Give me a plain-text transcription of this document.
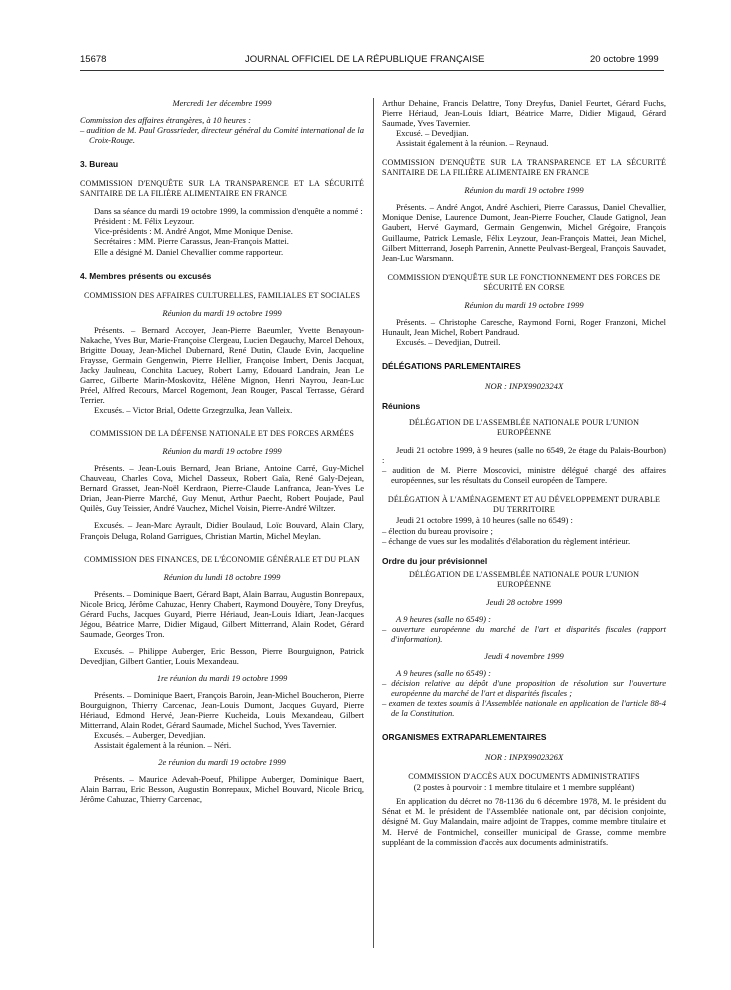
15678	JOURNAL OFFICIEL DE LA RÉPUBLIQUE FRANÇAISE	20 octobre 1999

Mercredi 1er décembre 1999

Commission des affaires étrangères, à 10 heures :

– audition de M. Paul Grossrieder, directeur général du Comité international de la Croix-Rouge.

3. Bureau

COMMISSION D'ENQUÊTE SUR LA TRANSPARENCE ET LA SÉCURITÉ SANITAIRE DE LA FILIÈRE ALIMENTAIRE EN FRANCE

Dans sa séance du mardi 19 octobre 1999, la commission d'enquête a nommé :

Président : M. Félix Leyzour.

Vice-présidents : M. André Angot, Mme Monique Denise.

Secrétaires : MM. Pierre Carassus, Jean-François Mattei.

Elle a désigné M. Daniel Chevallier comme rapporteur.

4. Membres présents ou excusés

COMMISSION DES AFFAIRES CULTURELLES, FAMILIALES ET SOCIALES

Réunion du mardi 19 octobre 1999

Présents. – Bernard Accoyer, Jean-Pierre Baeumler, Yvette Benayoun-Nakache, Yves Bur, Marie-Françoise Clergeau, Lucien Degauchy, Marcel Dehoux, Brigitte Douay, Jean-Michel Dubernard, René Dutin, Claude Evin, Jacqueline Fraysse, Germain Gengenwin, Pierre Hellier, Françoise Imbert, Denis Jacquat, Jacky Jaulneau, Conchita Lacuey, Robert Lamy, Edouard Landrain, Jean Le Garrec, Gilberte Marin-Moskovitz, Hélène Mignon, Henri Nayrou, Jean-Luc Préel, Alfred Recours, Marcel Rogemont, Jean Rouger, Pascal Terrasse, Gérard Terrier.

Excusés. – Victor Brial, Odette Grzegrzulka, Jean Valleix.

COMMISSION DE LA DÉFENSE NATIONALE ET DES FORCES ARMÉES

Réunion du mardi 19 octobre 1999

Présents. – Jean-Louis Bernard, Jean Briane, Antoine Carré, Guy-Michel Chauveau, Charles Cova, Michel Dasseux, Robert Gaïa, René Galy-Dejean, Bernard Grasset, Jean-Noël Kerdraon, Pierre-Claude Lanfranca, Jean-Yves Le Drian, Jean-Pierre Marché, Guy Menut, Arthur Paecht, Robert Poujade, Paul Quilès, Guy Teissier, André Vauchez, Michel Voisin, Pierre-André Wiltzer.

Excusés. – Jean-Marc Ayrault, Didier Boulaud, Loïc Bouvard, Alain Clary, François Deluga, Roland Garrigues, Christian Martin, Michel Meylan.

COMMISSION DES FINANCES, DE L'ÉCONOMIE GÉNÉRALE ET DU PLAN

Réunion du lundi 18 octobre 1999

Présents. – Dominique Baert, Gérard Bapt, Alain Barrau, Augustin Bonrepaux, Nicole Bricq, Jérôme Cahuzac, Henry Chabert, Raymond Douyère, Tony Dreyfus, Gérard Fuchs, Jacques Guyard, Pierre Hériaud, Jean-Louis Idiart, Jean-Jacques Jégou, Béatrice Marre, Didier Migaud, Gilbert Mitterrand, Alain Rodet, Gérard Saumade, Georges Tron.

Excusés. – Philippe Auberger, Eric Besson, Pierre Bourguignon, Patrick Devedjian, Gilbert Gantier, Louis Mexandeau.

1re réunion du mardi 19 octobre 1999

Présents. – Dominique Baert, François Baroin, Jean-Michel Boucheron, Pierre Bourguignon, Thierry Carcenac, Jean-Louis Dumont, Jacques Guyard, Pierre Hériaud, Edmond Hervé, Jean-Pierre Kucheida, Louis Mexandeau, Gilbert Mitterrand, Alain Rodet, Gérard Saumade, Michel Suchod, Yves Tavernier.

Excusés. – Auberger, Devedjian.

Assistait également à la réunion. – Néri.

2e réunion du mardi 19 octobre 1999

Présents. – Maurice Adevah-Poeuf, Philippe Auberger, Dominique Baert, Alain Barrau, Eric Besson, Augustin Bonrepaux, Michel Bouvard, Nicole Bricq, Jérôme Cahuzac, Thierry Carcenac,

Arthur Dehaine, Francis Delattre, Tony Dreyfus, Daniel Feurtet, Gérard Fuchs, Pierre Hériaud, Jean-Louis Idiart, Béatrice Marre, Didier Migaud, Gérard Saumade, Yves Tavernier.

Excusé. – Devedjian.

Assistait également à la réunion. – Reynaud.

COMMISSION D'ENQUÊTE SUR LA TRANSPARENCE ET LA SÉCURITÉ SANITAIRE DE LA FILIÈRE ALIMENTAIRE EN FRANCE

Réunion du mardi 19 octobre 1999

Présents. – André Angot, André Aschieri, Pierre Carassus, Daniel Chevallier, Monique Denise, Laurence Dumont, Jean-Pierre Foucher, Claude Gatignol, Jean Gaubert, Hervé Gaymard, Germain Gengenwin, Michel Grégoire, François Guillaume, Patrick Lemasle, Félix Leyzour, Jean-François Mattei, Jean Michel, Gilbert Mitterrand, Joseph Parrenin, Annette Peulvast-Bergeal, François Sauvadet, Jean-Luc Warsmann.

COMMISSION D'ENQUÊTE SUR LE FONCTIONNEMENT DES FORCES DE SÉCURITÉ EN CORSE

Réunion du mardi 19 octobre 1999

Présents. – Christophe Caresche, Raymond Forni, Roger Franzoni, Michel Hunault, Jean Michel, Robert Pandraud.

Excusés. – Devedjian, Dutreil.

DÉLÉGATIONS PARLEMENTAIRES

NOR : INPX9902324X

Réunions

DÉLÉGATION DE L'ASSEMBLÉE NATIONALE POUR L'UNION EUROPÉENNE

Jeudi 21 octobre 1999, à 9 heures (salle no 6549, 2e étage du Palais-Bourbon) :

– audition de M. Pierre Moscovici, ministre délégué chargé des affaires européennes, sur les résultats du Conseil européen de Tampere.

DÉLÉGATION À L'AMÉNAGEMENT ET AU DÉVELOPPEMENT DURABLE DU TERRITOIRE

Jeudi 21 octobre 1999, à 10 heures (salle no 6549) :

– élection du bureau provisoire ;

– échange de vues sur les modalités d'élaboration du règlement intérieur.

Ordre du jour prévisionnel

DÉLÉGATION DE L'ASSEMBLÉE NATIONALE POUR L'UNION EUROPÉENNE

Jeudi 28 octobre 1999

A 9 heures (salle no 6549) :

– ouverture européenne du marché de l'art et disparités fiscales (rapport d'information).

Jeudi 4 novembre 1999

A 9 heures (salle no 6549) :

– décision relative au dépôt d'une proposition de résolution sur l'ouverture européenne du marché de l'art et disparités fiscales ;

– examen de textes soumis à l'Assemblée nationale en application de l'article 88-4 de la Constitution.

ORGANISMES EXTRAPARLEMENTAIRES

NOR : INPX9902326X

COMMISSION D'ACCÈS AUX DOCUMENTS ADMINISTRATIFS

(2 postes à pourvoir : 1 membre titulaire et 1 membre suppléant)

En application du décret no 78-1136 du 6 décembre 1978, M. le président du Sénat et M. le président de l'Assemblée nationale ont, par décision conjointe, désigné M. Guy Malandain, maire adjoint de Trappes, comme membre titulaire et M. Hervé de Fontmichel, conseiller municipal de Grasse, comme membre suppléant de la commission d'accès aux documents administratifs.
